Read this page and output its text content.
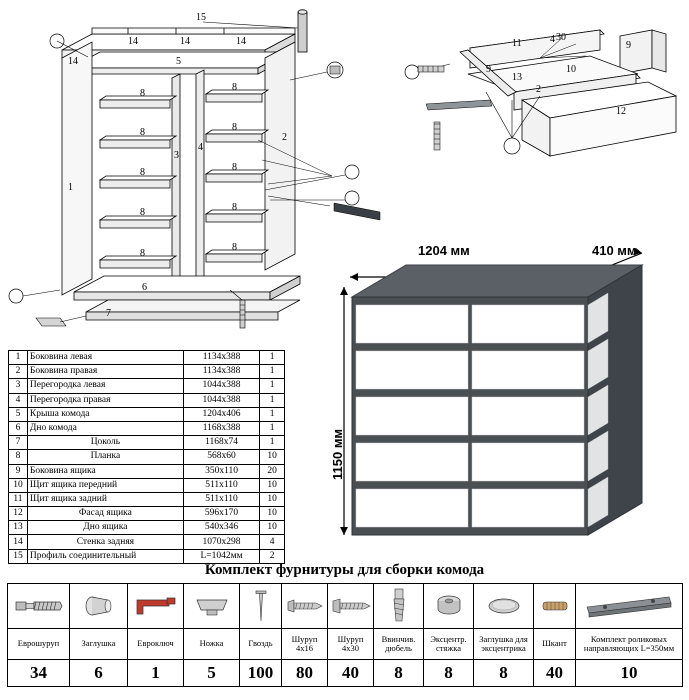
15
14
14	14	14
5
8
8
8
8
8
8
8
8
8
8
1
2
3
4
6
7
11	4 30
9
9
13
10
2
12
1204 мм	410 мм
1150 мм
1	Боковина левая	1134х388	1
2	Боковина правая	1134х388	1
3	Перегородка левая	1044х388	1
4	Перегородка правая	1044х388	1
5	Крыша комода	1204х406	1
6	Дно комода	1168х388	1
7	Цоколь	1168х74	1
8	Планка	568х60	10
9	Боковина ящика	350х110	20
10	Щит ящика передний	511х110	10
11	Щит ящика задний	511х110	10
12	Фасад ящика	596х170	10
13	Дно ящика	540х346	10
14	Стенка задняя	1070х298	4
15	Профиль соединительный	L=1042мм	2
Комплект фурнитуры для сборки комода

Еврошуруп	Заглушка	Евроключ	Ножка	Гвоздь	Шуруп 4х16	Шуруп 4х30	Ввинчив. дюбель	Эксцентр. стяжка	Заглушка для эксцентрика	Шкант	Комплект роликовых направляющих L=350мм
34	6	1	5	100	80	40	8	8	8	40	10
